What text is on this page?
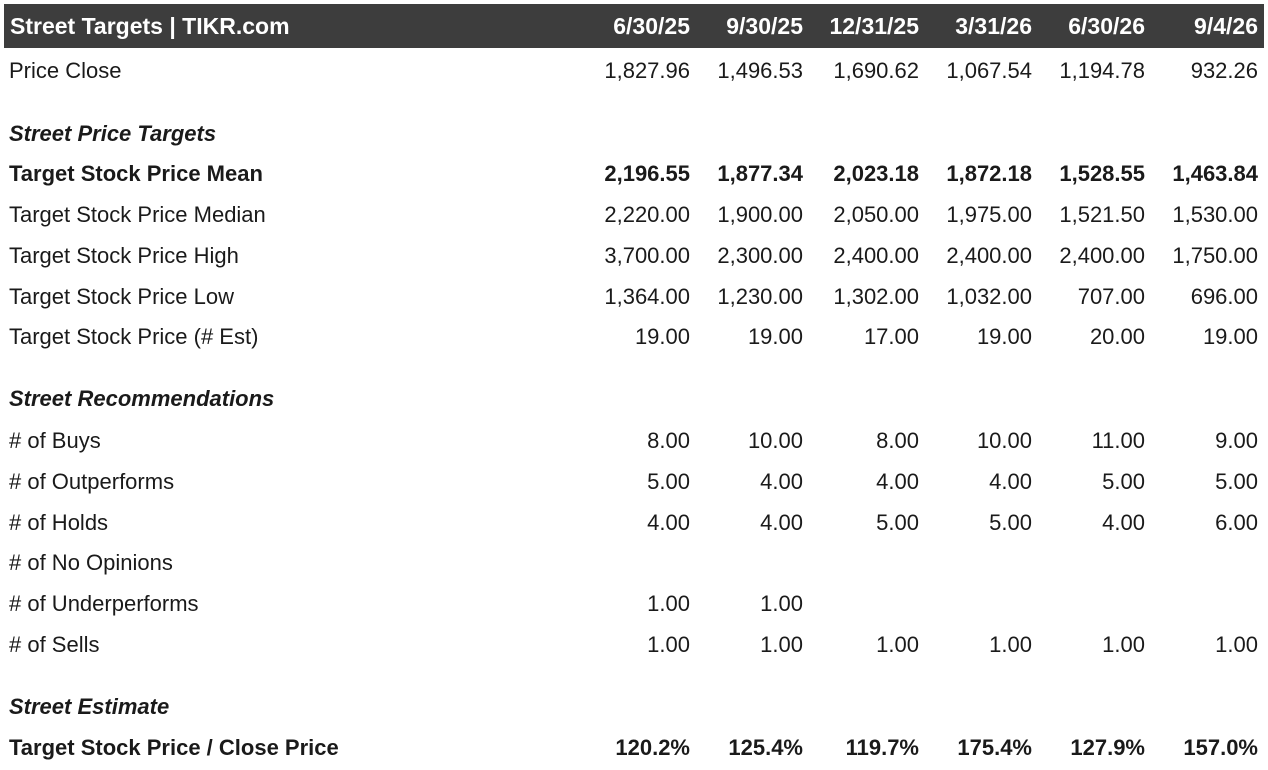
Street Targets | TIKR.com	6/30/25 9/30/25 12/31/25 3/31/26 6/30/26 9/4/26
Price Close	1,827.96 1,496.53 1,690.62 1,067.54 1,194.78 932.26
Street Price Targets
Target Stock Price Mean	2,196.55 1,877.34 2,023.18 1,872.18 1,528.55 1,463.84
Target Stock Price Median	2,220.00 1,900.00 2,050.00 1,975.00 1,521.50 1,530.00
Target Stock Price High	3,700.00 2,300.00 2,400.00 2,400.00 2,400.00 1,750.00
Target Stock Price Low	1,364.00 1,230.00 1,302.00 1,032.00 707.00 696.00
Target Stock Price (# Est)	19.00	19.00	17.00	19.00	20.00	19.00
Street Recommendations
# of Buys	8.00	10.00	8.00	10.00	11.00	9.00
# of Outperforms	5.00	4.00	4.00	4.00	5.00	5.00
# of Holds	4.00	4.00	5.00	5.00	4.00	6.00
# of No Opinions
# of Underperforms	1.00	1.00
# of Sells	1.00	1.00	1.00	1.00	1.00	1.00
Street Estimate
Target Stock Price / Close Price	120.2% 125.4% 119.7% 175.4% 127.9% 157.0%
